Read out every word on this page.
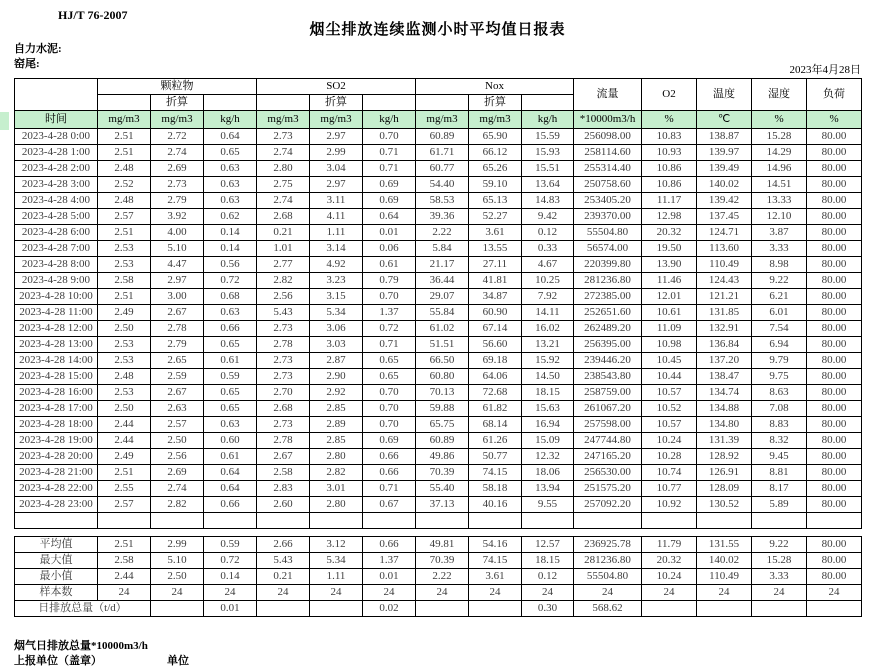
HJ/T 76-2007
烟尘排放连续监测小时平均值日报表
自力水泥:
窑尾:	2023年4月28日
	颗粒物			SO2			Nox			流量	O2	温度	湿度	负荷
		折算			折算			折算						
时间	mg/m3	mg/m3	kg/h	mg/m3	mg/m3	kg/h	mg/m3	mg/m3	kg/h	*10000m3/h	%	℃	%	%
2023-4-28 0:00	2.51	2.72	0.64	2.73	2.97	0.70	60.89	65.90	15.59	256098.00	10.83	138.87	15.28	80.00
2023-4-28 1:00	2.51	2.74	0.65	2.74	2.99	0.71	61.71	66.12	15.93	258114.60	10.93	139.97	14.29	80.00
2023-4-28 2:00	2.48	2.69	0.63	2.80	3.04	0.71	60.77	65.26	15.51	255314.40	10.86	139.49	14.96	80.00
2023-4-28 3:00	2.52	2.73	0.63	2.75	2.97	0.69	54.40	59.10	13.64	250758.60	10.86	140.02	14.51	80.00
2023-4-28 4:00	2.48	2.79	0.63	2.74	3.11	0.69	58.53	65.13	14.83	253405.20	11.17	139.42	13.33	80.00
2023-4-28 5:00	2.57	3.92	0.62	2.68	4.11	0.64	39.36	52.27	9.42	239370.00	12.98	137.45	12.10	80.00
2023-4-28 6:00	2.51	4.00	0.14	0.21	1.11	0.01	2.22	3.61	0.12	55504.80	20.32	124.71	3.87	80.00
2023-4-28 7:00	2.53	5.10	0.14	1.01	3.14	0.06	5.84	13.55	0.33	56574.00	19.50	113.60	3.33	80.00
2023-4-28 8:00	2.53	4.47	0.56	2.77	4.92	0.61	21.17	27.11	4.67	220399.80	13.90	110.49	8.98	80.00
2023-4-28 9:00	2.58	2.97	0.72	2.82	3.23	0.79	36.44	41.81	10.25	281236.80	11.46	124.43	9.22	80.00
2023-4-28 10:00	2.51	3.00	0.68	2.56	3.15	0.70	29.07	34.87	7.92	272385.00	12.01	121.21	6.21	80.00
2023-4-28 11:00	2.49	2.67	0.63	5.43	5.34	1.37	55.84	60.90	14.11	252651.60	10.61	131.85	6.01	80.00
2023-4-28 12:00	2.50	2.78	0.66	2.73	3.06	0.72	61.02	67.14	16.02	262489.20	11.09	132.91	7.54	80.00
2023-4-28 13:00	2.53	2.79	0.65	2.78	3.03	0.71	51.51	56.60	13.21	256395.00	10.98	136.84	6.94	80.00
2023-4-28 14:00	2.53	2.65	0.61	2.73	2.87	0.65	66.50	69.18	15.92	239446.20	10.45	137.20	9.79	80.00
2023-4-28 15:00	2.48	2.59	0.59	2.73	2.90	0.65	60.80	64.06	14.50	238543.80	10.44	138.47	9.75	80.00
2023-4-28 16:00	2.53	2.67	0.65	2.70	2.92	0.70	70.13	72.68	18.15	258759.00	10.57	134.74	8.63	80.00
2023-4-28 17:00	2.50	2.63	0.65	2.68	2.85	0.70	59.88	61.82	15.63	261067.20	10.52	134.88	7.08	80.00
2023-4-28 18:00	2.44	2.57	0.63	2.73	2.89	0.70	65.75	68.14	16.94	257598.00	10.57	134.80	8.83	80.00
2023-4-28 19:00	2.44	2.50	0.60	2.78	2.85	0.69	60.89	61.26	15.09	247744.80	10.24	131.39	8.32	80.00
2023-4-28 20:00	2.49	2.56	0.61	2.67	2.80	0.66	49.86	50.77	12.32	247165.20	10.28	128.92	9.45	80.00
2023-4-28 21:00	2.51	2.69	0.64	2.58	2.82	0.66	70.39	74.15	18.06	256530.00	10.74	126.91	8.81	80.00
2023-4-28 22:00	2.55	2.74	0.64	2.83	3.01	0.71	55.40	58.18	13.94	251575.20	10.77	128.09	8.17	80.00
2023-4-28 23:00	2.57	2.82	0.66	2.60	2.80	0.67	37.13	40.16	9.55	257092.20	10.92	130.52	5.89	80.00

平均值	2.51	2.99	0.59	2.66	3.12	0.66	49.81	54.16	12.57	236925.78	11.79	131.55	9.22	80.00
最大值	2.58	5.10	0.72	5.43	5.34	1.37	70.39	74.15	18.15	281236.80	20.32	140.02	15.28	80.00
最小值	2.44	2.50	0.14	0.21	1.11	0.01	2.22	3.61	0.12	55504.80	10.24	110.49	3.33	80.00
样本数	24	24	24	24	24	24	24	24	24	24	24	24	24	24
日排放总量（t/d）			0.01			0.02			0.30	568.62				
烟气日排放总量*10000m3/h
上报单位（盖章）	单位
